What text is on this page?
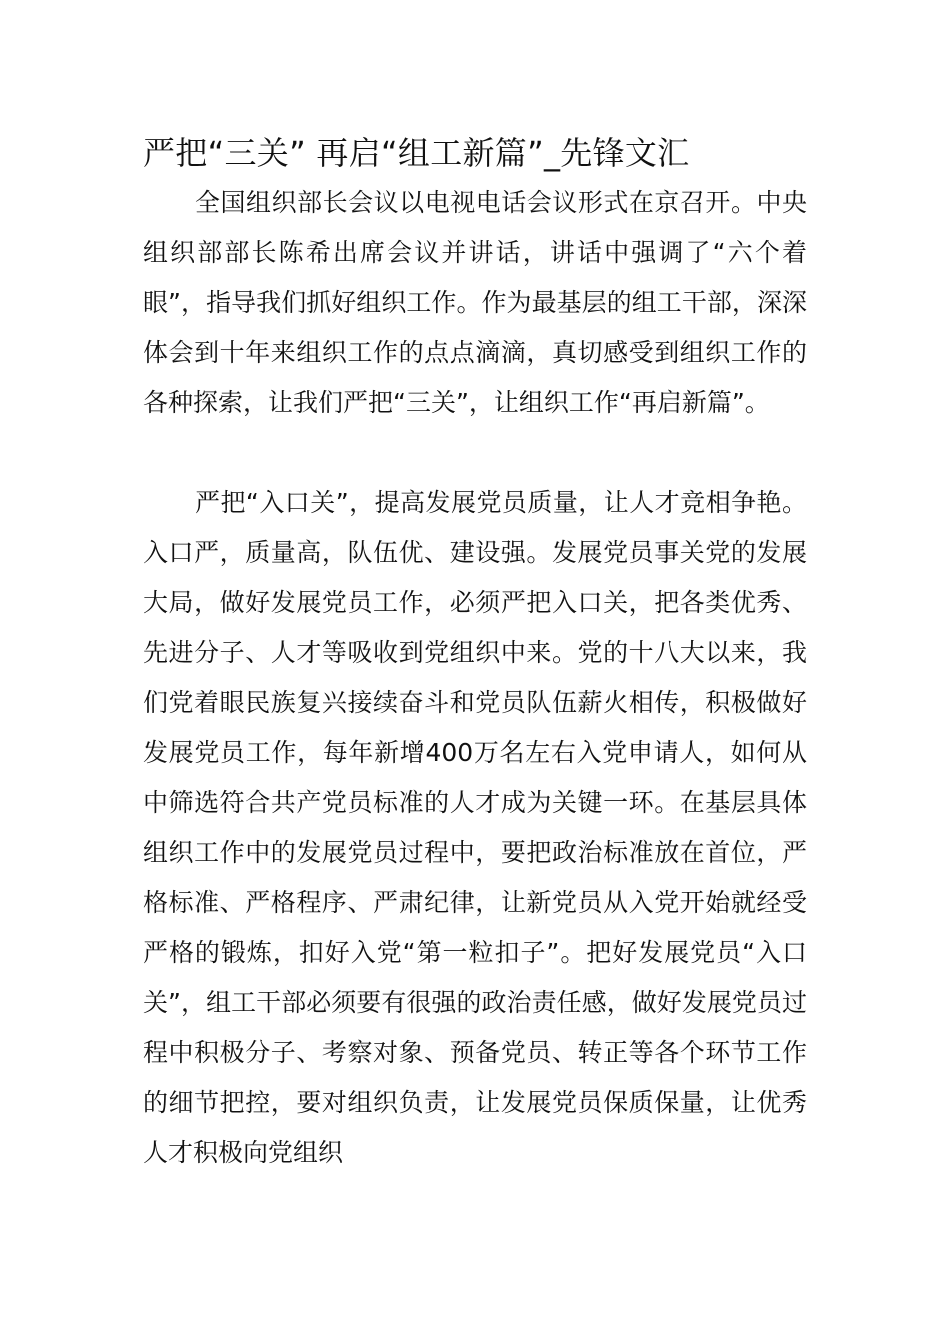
严把“三关” 再启“组工新篇”_先锋文汇

全国组织部长会议以电视电话会议形式在京召开。中央组织部部长陈希出席会议并讲话，讲话中强调了“六个着眼”，指导我们抓好组织工作。作为最基层的组工干部，深深体会到十年来组织工作的点点滴滴，真切感受到组织工作的各种探索，让我们严把“三关”，让组织工作“再启新篇”。

严把“入口关”，提高发展党员质量，让人才竞相争艳。入口严，质量高，队伍优、建设强。发展党员事关党的发展大局，做好发展党员工作，必须严把入口关，把各类优秀、先进分子、人才等吸收到党组织中来。党的十八大以来，我们党着眼民族复兴接续奋斗和党员队伍薪火相传，积极做好发展党员工作，每年新增400万名左右入党申请人，如何从中筛选符合共产党员标准的人才成为关键一环。在基层具体组织工作中的发展党员过程中，要把政治标准放在首位，严格标准、严格程序、严肃纪律，让新党员从入党开始就经受严格的锻炼，扣好入党“第一粒扣子”。把好发展党员“入口关”，组工干部必须要有很强的政治责任感，做好发展党员过程中积极分子、考察对象、预备党员、转正等各个环节工作的细节把控，要对组织负责，让发展党员保质保量，让优秀人才积极向党组织
